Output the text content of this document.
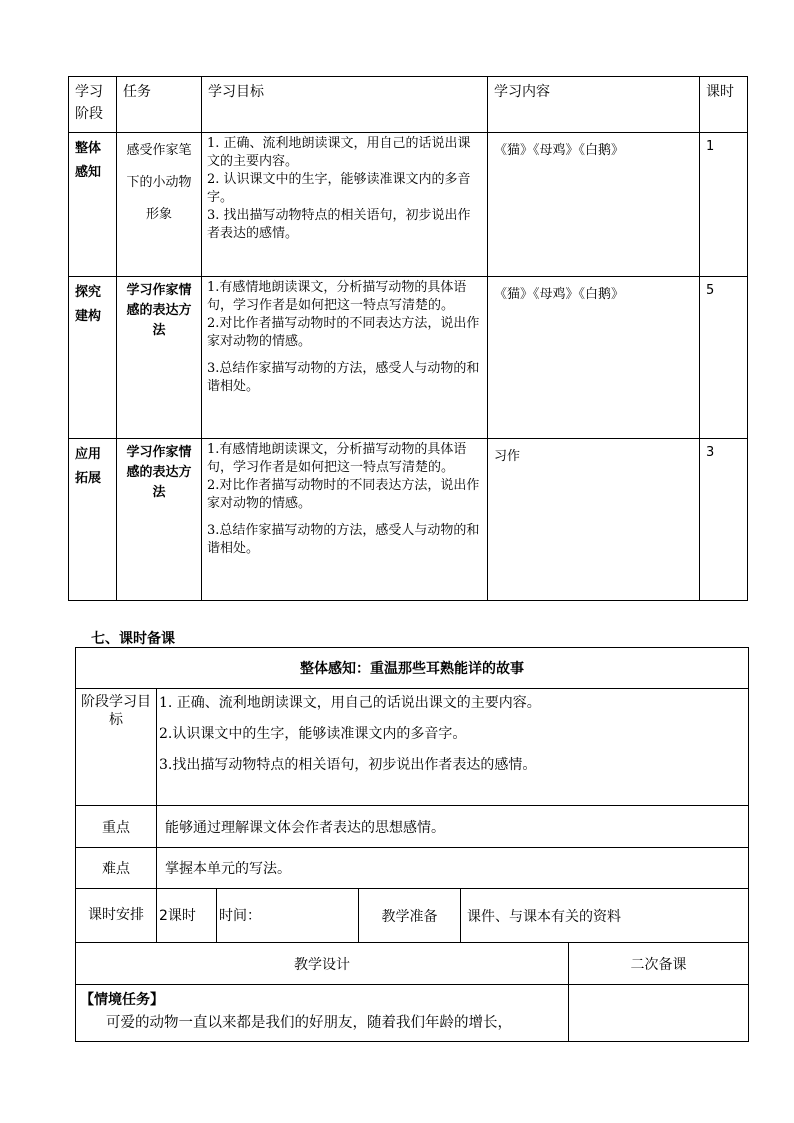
学习阶段	任务	学习目标	学习内容	课时
整体感知	感受作家笔下的小动物形象	1. 正确、流利地朗读课文，用自己的话说出课文的主要内容。
2. 认识课文中的生字，能够读准课文内的多音字。
3. 找出描写动物特点的相关语句，初步说出作者表达的感情。	《猫》《母鸡》《白鹅》	1
探究建构	学习作家情感的表达方法	1.有感情地朗读课文，分析描写动物的具体语句，学习作者是如何把这一特点写清楚的。
2.对比作者描写动物时的不同表达方法，说出作家对动物的情感。
3.总结作家描写动物的方法，感受人与动物的和谐相处。	《猫》《母鸡》《白鹅》	5
应用拓展	学习作家情感的表达方法	1.有感情地朗读课文，分析描写动物的具体语句，学习作者是如何把这一特点写清楚的。
2.对比作者描写动物时的不同表达方法，说出作家对动物的情感。
3.总结作家描写动物的方法，感受人与动物的和谐相处。	习作	3
七、课时备课
整体感知：重温那些耳熟能详的故事					
阶段学习目标	1. 正确、流利地朗读课文，用自己的话说出课文的主要内容。
2.认识课文中的生字，能够读准课文内的多音字。
3.找出描写动物特点的相关语句，初步说出作者表达的感情。				

重点	能够通过理解课文体会作者表达的思想感情。				
难点	掌握本单元的写法。				
课时安排	2课时	时间：	教学准备	课件、与课本有关的资料	
教学设计					二次备课

【情境任务】
可爱的动物一直以来都是我们的好朋友，随着我们年龄的增长，					
